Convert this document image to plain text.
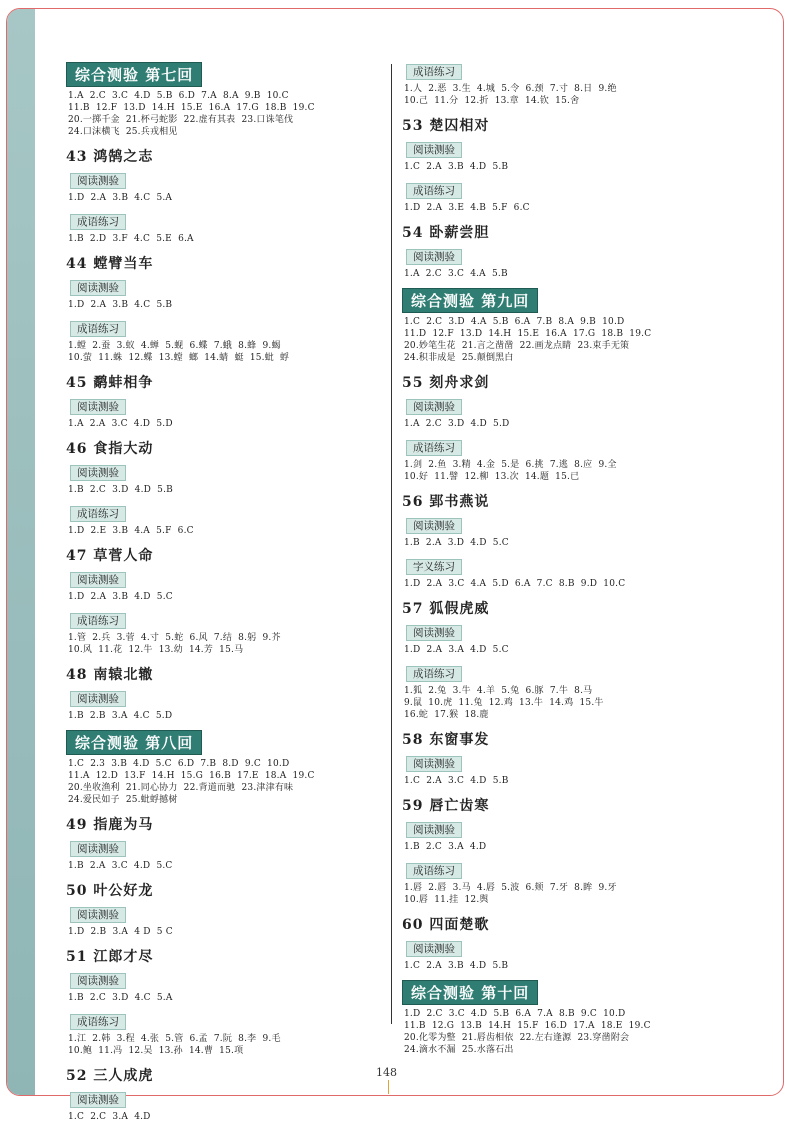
综合测验 第七回
1.A  2.C  3.C  4.D  5.B  6.D  7.A  8.A  9.B  10.C
11.B  12.F  13.D  14.H  15.E  16.A  17.G  18.B  19.C
20.一掷千金  21.杯弓蛇影  22.虚有其表  23.口诛笔伐
24.口沫横飞  25.兵戎相见
43 鸿鹄之志
阅读测验
1.D  2.A  3.B  4.C  5.A
成语练习
1.B  2.D  3.F  4.C  5.E  6.A
44 螳臂当车
阅读测验
1.D  2.A  3.B  4.C  5.B
成语练习
1.螳  2.蚕  3.蚁  4.蝉  5.蚬  6.蝶  7.蛾  8.蜂  9.蝎
10.萤  11.蛛  12.蝶  13.螳  螂  14.蜻  蜓  15.蚍  蜉
45 鹬蚌相争
阅读测验
1.A  2.A  3.C  4.D  5.D
46 食指大动
阅读测验
1.B  2.C  3.D  4.D  5.B
成语练习
1.D  2.E  3.B  4.A  5.F  6.C
47 草菅人命
阅读测验
1.D  2.A  3.B  4.D  5.C
成语练习
1.管  2.兵  3.菅  4.寸  5.蛇  6.风  7.结  8.躬  9.芥
10.风  11.花  12.牛  13.幼  14.芳  15.马
48 南辕北辙
阅读测验
1.B  2.B  3.A  4.C  5.D
综合测验 第八回
1.C  2.3  3.B  4.D  5.C  6.D  7.B  8.D  9.C  10.D
11.A  12.D  13.F  14.H  15.G  16.B  17.E  18.A  19.C
20.坐收渔利  21.同心协力  22.背道而驰  23.津津有味
24.爱民如子  25.蚍蜉撼树
49 指鹿为马
阅读测验
1.B  2.A  3.C  4.D  5.C
50 叶公好龙
阅读测验
1.D  2.B  3.A  4 D  5 C
51 江郎才尽
阅读测验
1.B  2.C  3.D  4.C  5.A
成语练习
1.江  2.韩  3.程  4.张  5.管  6.孟  7.阮  8.李  9.毛
10.鲍  11.冯  12.吴  13.孙  14.曹  15.项
52 三人成虎
阅读测验
1.C  2.C  3.A  4.D
成语练习
1.人  2.恶  3.生  4.城  5.令  6.颈  7.寸  8.日  9.绝
10.己  11.分  12.折  13.章  14.钦  15.舍
53 楚囚相对
阅读测验
1.C  2.A  3.B  4.D  5.B
成语练习
1.D  2.A  3.E  4.B  5.F  6.C
54 卧薪尝胆
阅读测验
1.A  2.C  3.C  4.A  5.B
综合测验 第九回
1.C  2.C  3.D  4.A  5.B  6.A  7.B  8.A  9.B  10.D
11.D  12.F  13.D  14.H  15.E  16.A  17.G  18.B  19.C
20.妙笔生花  21.言之凿凿  22.画龙点睛  23.束手无策
24.积非成是  25.颠倒黑白
55 刻舟求剑
阅读测验
1.A  2.C  3.D  4.D  5.D
成语练习
1.剑  2.鱼  3.精  4.金  5.是  6.挑  7.逃  8.应  9.全
10.好  11.譬  12.柳  13.次  14.题  15.已
56 郢书燕说
阅读测验
1.B  2.A  3.D  4.D  5.C
字义练习
1.D  2.A  3.C  4.A  5.D  6.A  7.C  8.B  9.D  10.C
57 狐假虎威
阅读测验
1.D  2.A  3.A  4.D  5.C
成语练习
1.狐  2.兔  3.牛  4.羊  5.兔  6.豚  7.牛  8.马
9.鼠  10.虎  11.兔  12.鸡  13.牛  14.鸡  15.牛
16.蛇  17.猴  18.鹿
58 东窗事发
阅读测验
1.C  2.A  3.C  4.D  5.B
59 唇亡齿寒
阅读测验
1.B  2.C  3.A  4.D
成语练习
1.唇  2.唇  3.马  4.唇  5.波  6.颊  7.牙  8.眸  9.牙
10.唇  11.挂  12.舆
60 四面楚歌
阅读测验
1.C  2.A  3.B  4.D  5.B
综合测验 第十回
1.D  2.C  3.C  4.D  5.B  6.A  7.A  8.B  9.C  10.D
11.B  12.G  13.B  14.H  15.F  16.D  17.A  18.E  19.C
20.化零为整  21.唇齿相依  22.左右逢源  23.穿凿附会
24.滴水不漏  25.水落石出
148
